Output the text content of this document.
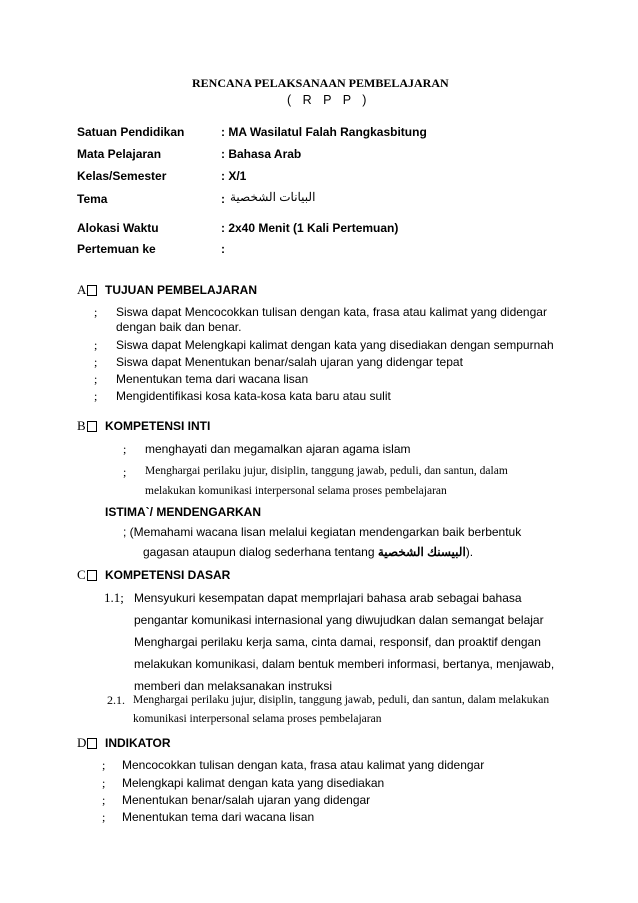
RENCANA PELAKSANAAN PEMBELAJARAN
( R P P )
Satuan Pendidikan	: MA Wasilatul Falah Rangkasbitung
Mata Pelajaran	: Bahasa Arab
Kelas/Semester	: X/1
Tema	: البيانات الشخصية
Alokasi Waktu	: 2x40 Menit (1 Kali Pertemuan)
Pertemuan ke	:
A TUJUAN PEMBELAJARAN
; Siswa dapat Mencocokkan tulisan dengan kata, frasa atau kalimat yang didengar
dengan baik dan benar.
; Siswa dapat Melengkapi kalimat dengan kata yang disediakan dengan sempurnah
; Siswa dapat Menentukan benar/salah ujaran yang didengar tepat
; Menentukan tema dari wacana lisan
; Mengidentifikasi kosa kata-kosa kata baru atau sulit
B KOMPETENSI INTI
; menghayati dan megamalkan ajaran agama islam
; Menghargai perilaku jujur, disiplin, tanggung jawab, peduli, dan santun, dalam
melakukan komunikasi interpersonal selama proses pembelajaran
ISTIMA`/ MENDENGARKAN
; (Memahami wacana lisan melalui kegiatan mendengarkan baik berbentuk
gagasan ataupun dialog sederhana tentang البيسنك الشخصية).
C KOMPETENSI DASAR
1.1; Mensyukuri kesempatan dapat memprlajari bahasa arab sebagai bahasa
pengantar komunikasi internasional yang diwujudkan dalan semangat belajar
Menghargai perilaku kerja sama, cinta damai, responsif, dan proaktif dengan
melakukan komunikasi, dalam bentuk memberi informasi, bertanya, menjawab,
memberi dan melaksanakan instruksi
2.1. Menghargai perilaku jujur, disiplin, tanggung jawab, peduli, dan santun, dalam melakukan
komunikasi interpersonal selama proses pembelajaran
D INDIKATOR
; Mencocokkan tulisan dengan kata, frasa atau kalimat yang didengar
; Melengkapi kalimat dengan kata yang disediakan
; Menentukan benar/salah ujaran yang didengar
; Menentukan tema dari wacana lisan
